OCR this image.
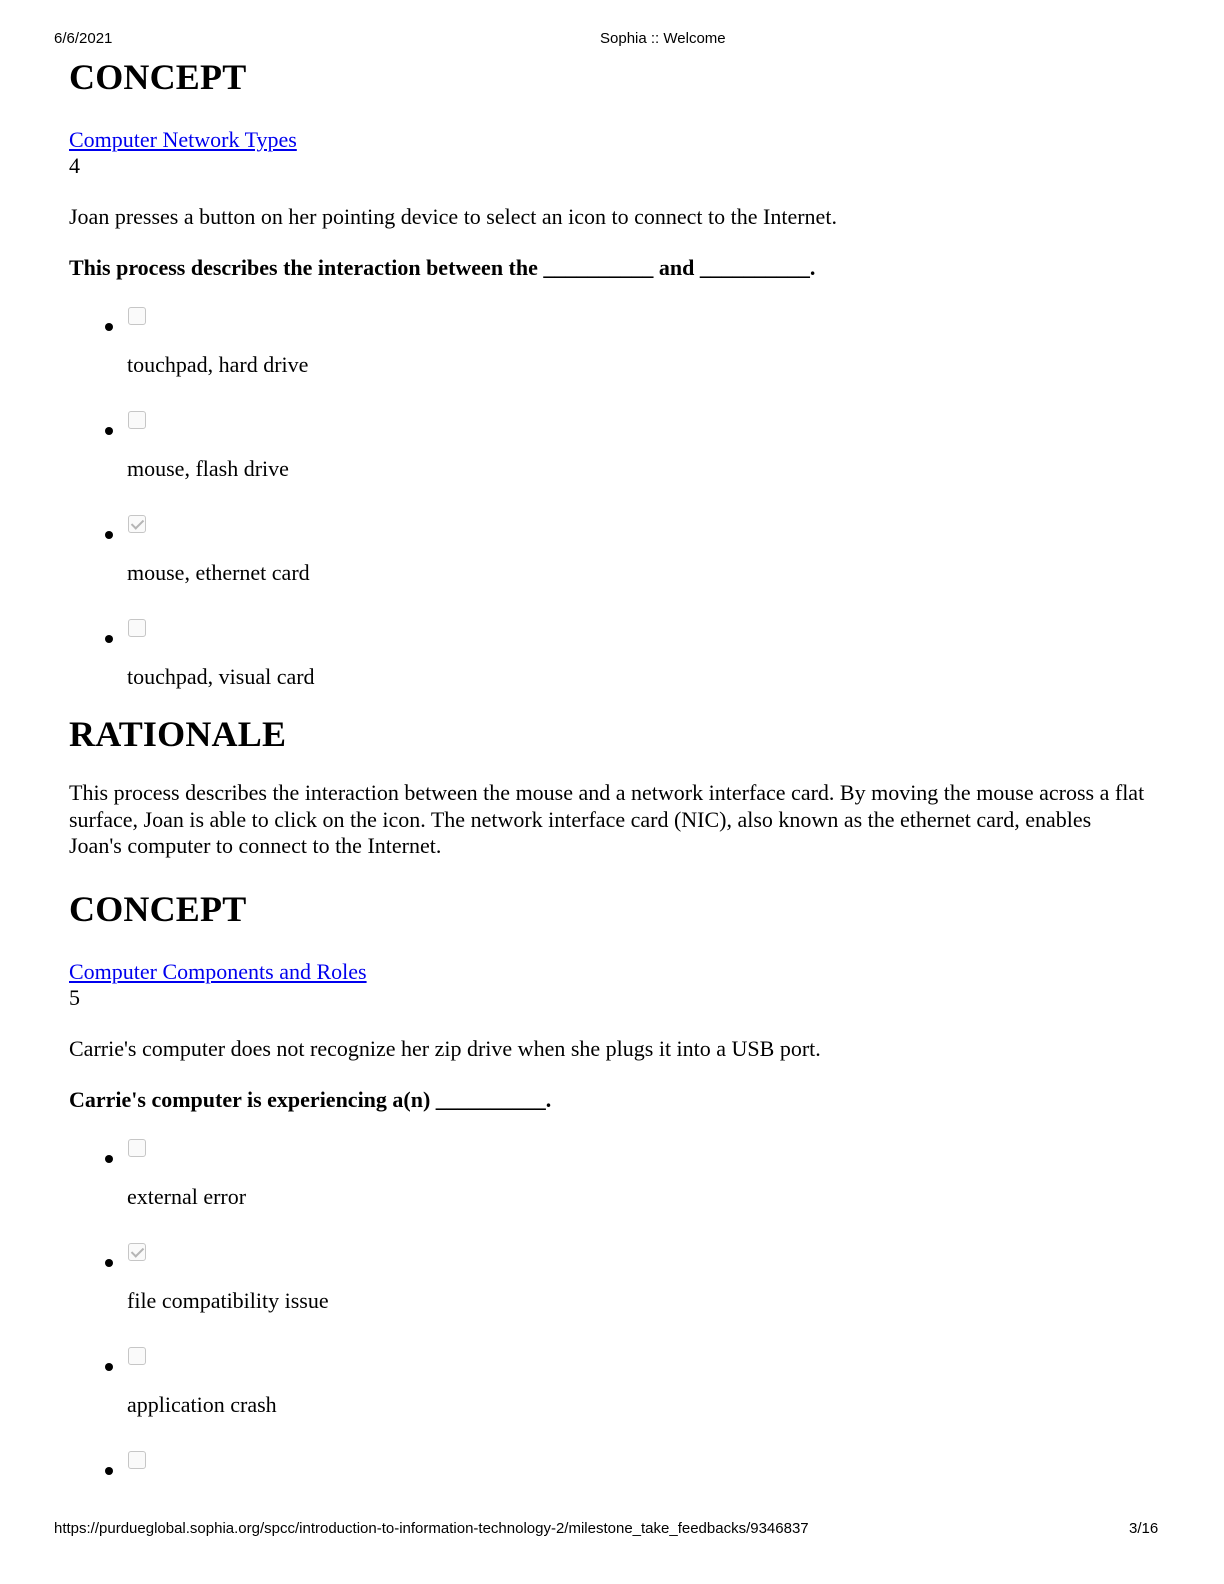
6/6/2021	Sophia :: Welcome
CONCEPT
Computer Network Types
4

Joan presses a button on her pointing device to select an icon to connect to the Internet.

This process describes the interaction between the __________ and __________.

touchpad, hard drive
mouse, flash drive
mouse, ethernet card
touchpad, visual card
RATIONALE

This process describes the interaction between the mouse and a network interface card. By moving the mouse across a flat surface, Joan is able to click on the icon. The network interface card (NIC), also known as the ethernet card, enables Joan's computer to connect to the Internet.

CONCEPT
Computer Components and Roles
5

Carrie's computer does not recognize her zip drive when she plugs it into a USB port.

Carrie's computer is experiencing a(n) __________.

external error
file compatibility issue
application crash
https://purdueglobal.sophia.org/spcc/introduction-to-information-technology-2/milestone_take_feedbacks/9346837	3/16
